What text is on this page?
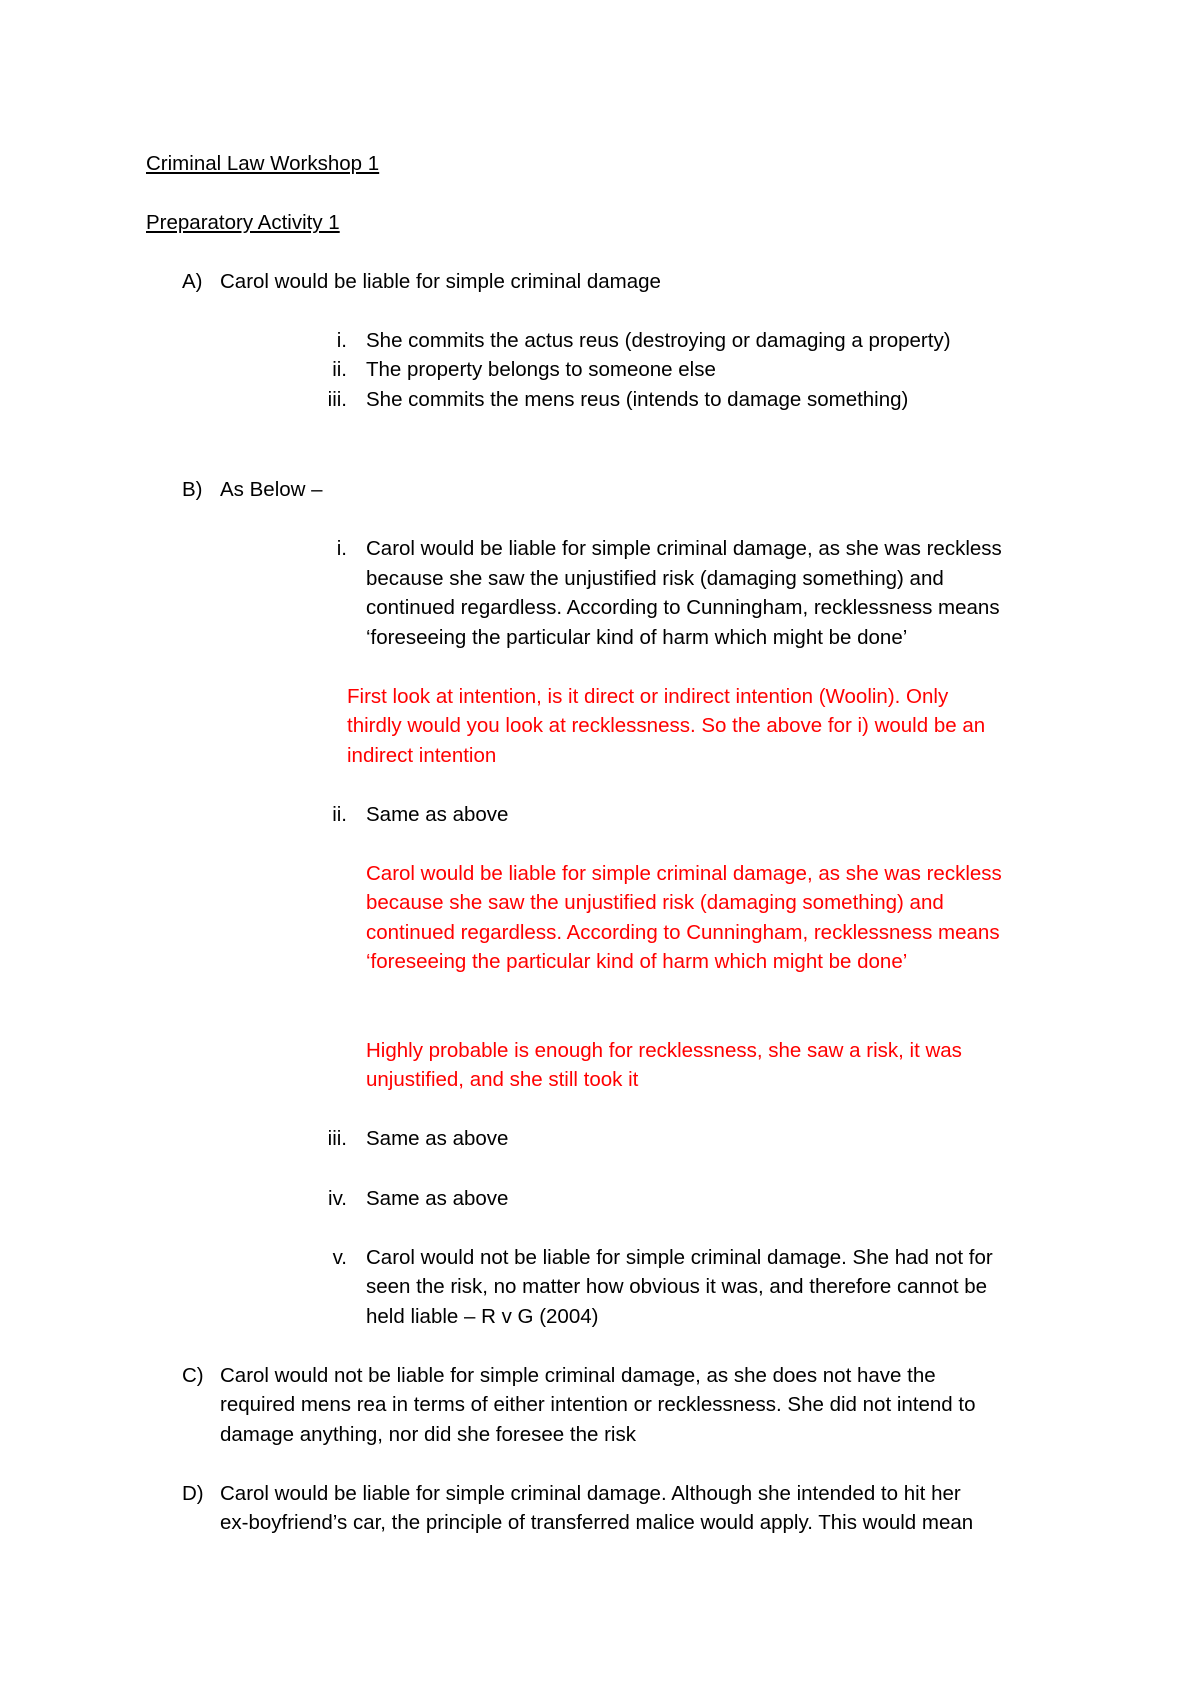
Criminal Law Workshop 1
Preparatory Activity 1
A) Carol would be liable for simple criminal damage
i. She commits the actus reus (destroying or damaging a property)
ii. The property belongs to someone else
iii. She commits the mens reus (intends to damage something)
B) As Below –
i. Carol would be liable for simple criminal damage, as she was reckless
because she saw the unjustified risk (damaging something) and
continued regardless. According to Cunningham, recklessness means
‘foreseeing the particular kind of harm which might be done’
First look at intention, is it direct or indirect intention (Woolin). Only
thirdly would you look at recklessness. So the above for i) would be an
indirect intention
ii. Same as above
Carol would be liable for simple criminal damage, as she was reckless
because she saw the unjustified risk (damaging something) and
continued regardless. According to Cunningham, recklessness means
‘foreseeing the particular kind of harm which might be done’
Highly probable is enough for recklessness, she saw a risk, it was
unjustified, and she still took it
iii. Same as above
iv. Same as above
v. Carol would not be liable for simple criminal damage. She had not for
seen the risk, no matter how obvious it was, and therefore cannot be
held liable – R v G (2004)
C) Carol would not be liable for simple criminal damage, as she does not have the
required mens rea in terms of either intention or recklessness. She did not intend to
damage anything, nor did she foresee the risk
D) Carol would be liable for simple criminal damage. Although she intended to hit her
ex-boyfriend’s car, the principle of transferred malice would apply. This would mean
